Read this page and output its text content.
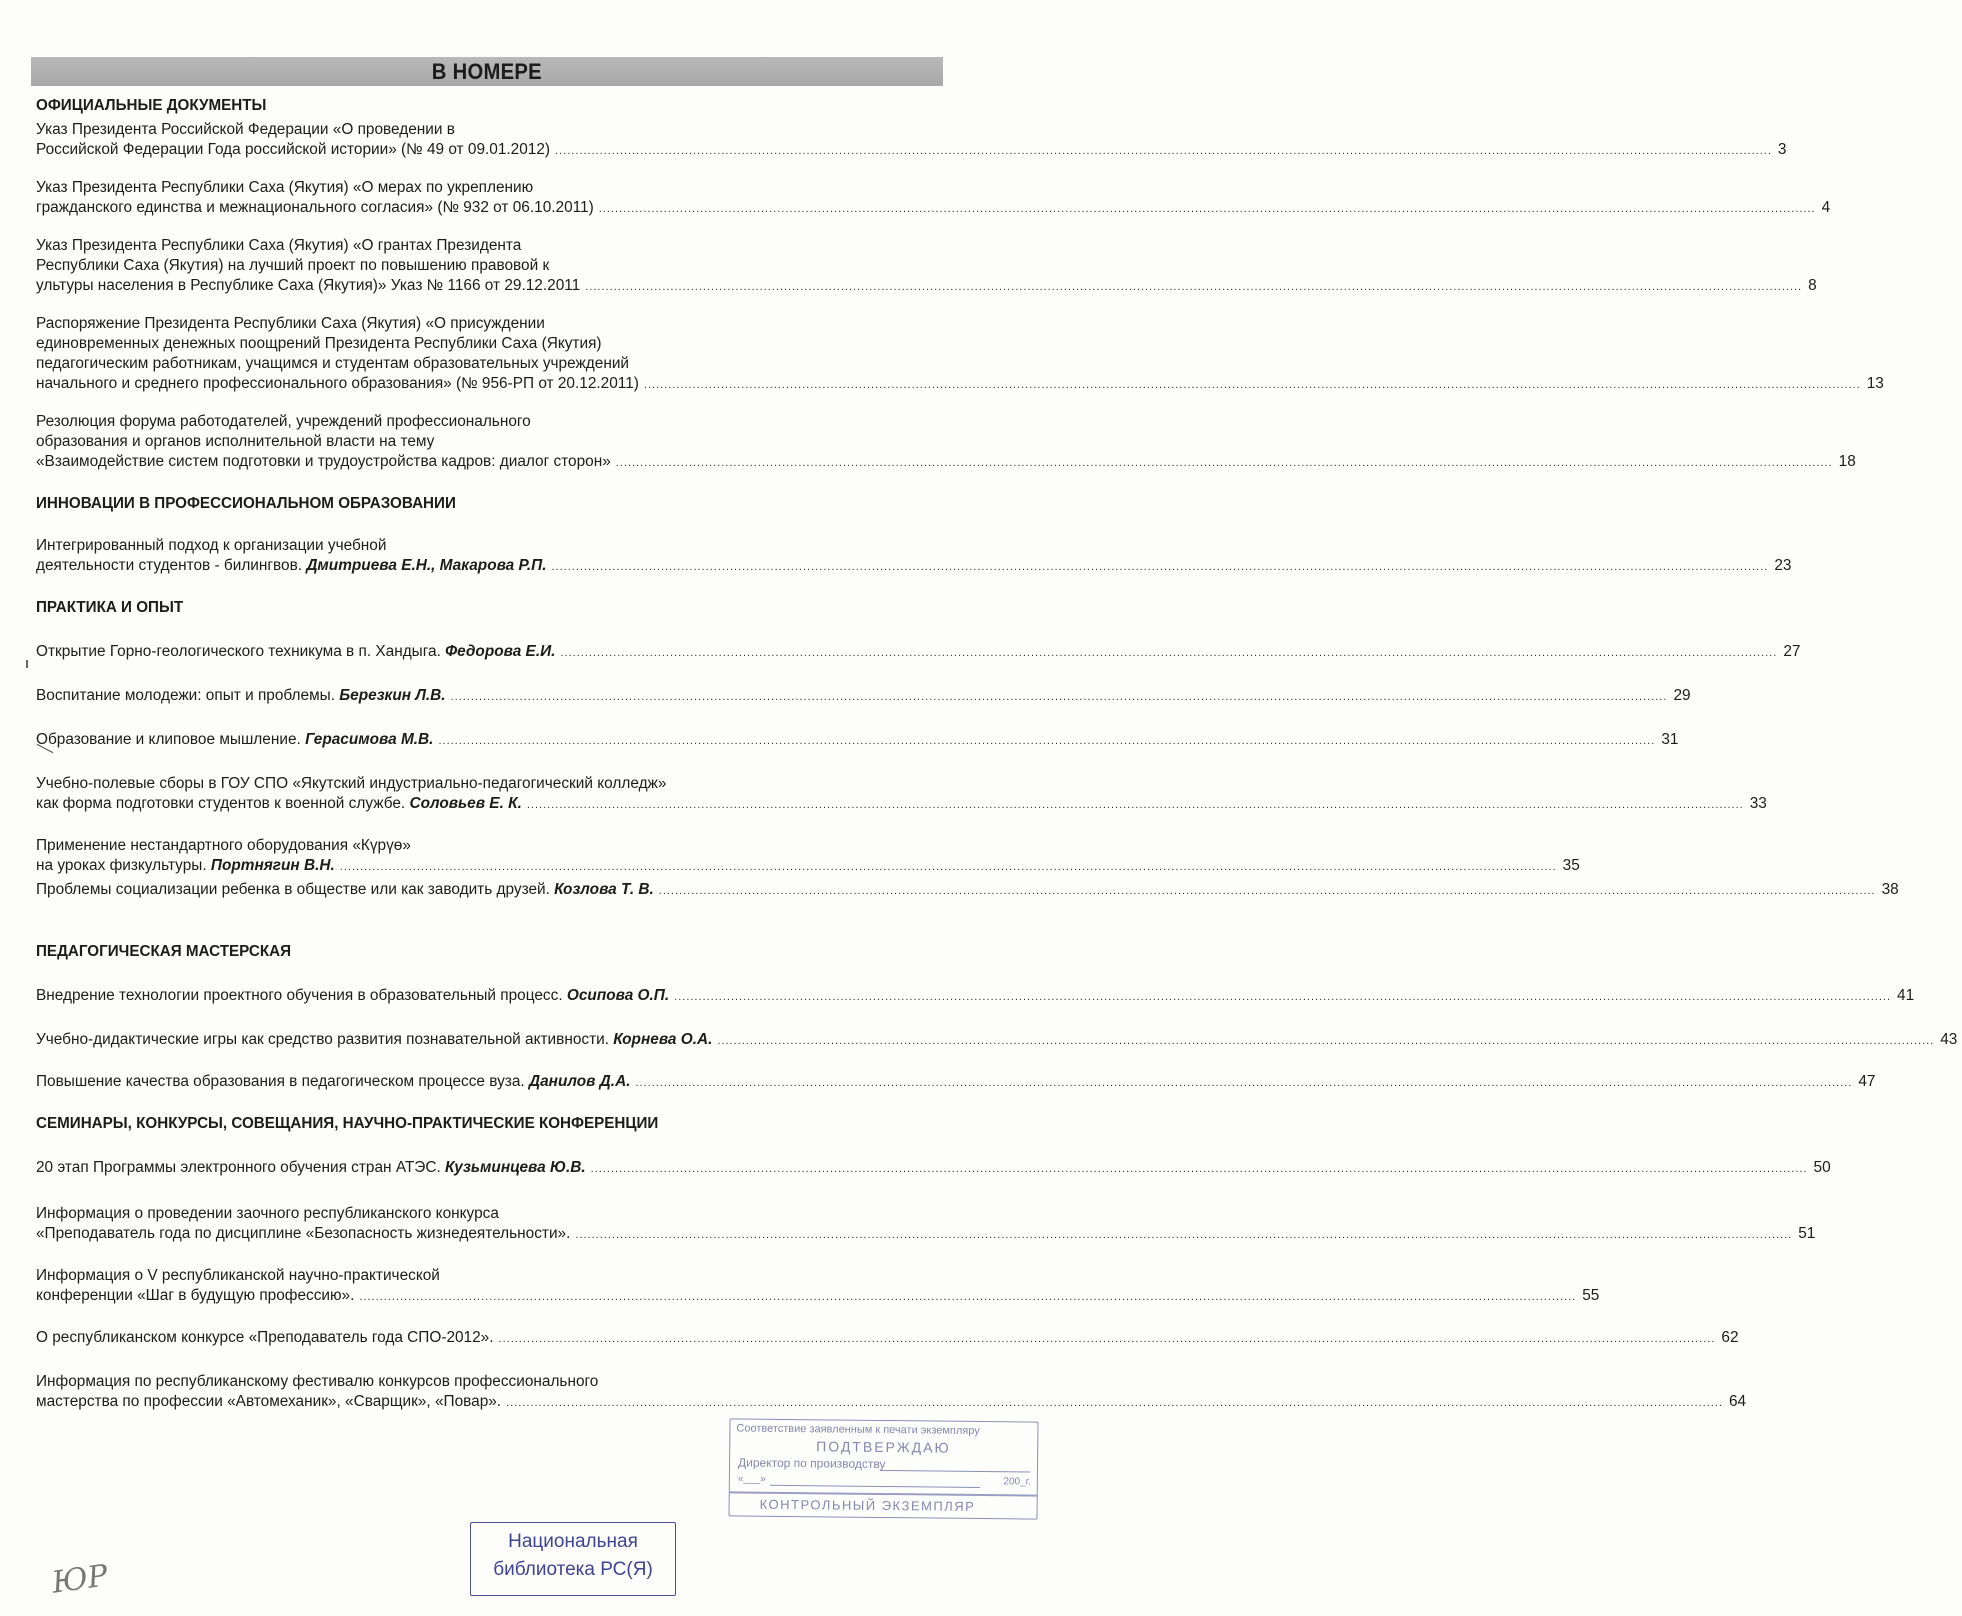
В НОМЕРЕ
ОФИЦИАЛЬНЫЕ ДОКУМЕНТЫ
Указ Президента Российской Федерации «О проведении в
Российской Федерации Года российской истории» (№ 49 от 09.01.2012) ............................................................................................................................................................................................................................................................................................................ 3
Указ Президента Республики Саха (Якутия) «О мерах по укреплению
гражданского единства и межнационального согласия» (№ 932 от 06.10.2011) ............................................................................................................................................................................................................................................................................................................ 4
Указ Президента Республики Саха (Якутия) «О грантах Президента
Республики Саха (Якутия) на лучший проект по повышению правовой к
ультуры населения в Республике Саха (Якутия)» Указ № 1166 от 29.12.2011 ............................................................................................................................................................................................................................................................................................................ 8
Распоряжение Президента Республики Саха (Якутия) «О присуждении
единовременных денежных поощрений Президента Республики Саха (Якутия)
педагогическим работникам, учащимся и студентам образовательных учреждений
начального и среднего профессионального образования» (№ 956-РП от 20.12.2011) ............................................................................................................................................................................................................................................................................................................ 13
Резолюция форума работодателей, учреждений профессионального
образования и органов исполнительной власти на тему
«Взаимодействие систем подготовки и трудоустройства кадров: диалог сторон» ............................................................................................................................................................................................................................................................................................................ 18
ИННОВАЦИИ В ПРОФЕССИОНАЛЬНОМ ОБРАЗОВАНИИ
Интегрированный подход к организации учебной
деятельности студентов - билингвов. Дмитриева Е.Н., Макарова Р.П. ............................................................................................................................................................................................................................................................................................................ 23
ПРАКТИКА И ОПЫТ
Открытие Горно-геологического техникума в п. Хандыга. Федорова Е.И. ............................................................................................................................................................................................................................................................................................................ 27
Воспитание молодежи: опыт и проблемы. Березкин Л.В. ............................................................................................................................................................................................................................................................................................................ 29
Образование и клиповое мышление. Герасимова М.В. ............................................................................................................................................................................................................................................................................................................ 31
Учебно-полевые сборы в ГОУ СПО «Якутский индустриально-педагогический колледж»
как форма подготовки студентов к военной службе. Соловьев Е. К. ............................................................................................................................................................................................................................................................................................................ 33
Применение нестандартного оборудования «Күрүө»
на уроках физкультуры. Портнягин В.Н. ............................................................................................................................................................................................................................................................................................................ 35
Проблемы социализации ребенка в обществе или как заводить друзей. Козлова Т. В. ............................................................................................................................................................................................................................................................................................................ 38
ПЕДАГОГИЧЕСКАЯ МАСТЕРСКАЯ
Внедрение технологии проектного обучения в образовательный процесс. Осипова О.П. ............................................................................................................................................................................................................................................................................................................ 41
Учебно-дидактические игры как средство развития познавательной активности. Корнева О.А. ............................................................................................................................................................................................................................................................................................................ 43
Повышение качества образования в педагогическом процессе вуза. Данилов Д.А. ............................................................................................................................................................................................................................................................................................................ 47
СЕМИНАРЫ, КОНКУРСЫ, СОВЕЩАНИЯ, НАУЧНО-ПРАКТИЧЕСКИЕ КОНФЕРЕНЦИИ
20 этап Программы электронного обучения стран АТЭС. Кузьминцева Ю.В. ............................................................................................................................................................................................................................................................................................................ 50
Информация о проведении заочного республиканского конкурса
«Преподаватель года по дисциплине «Безопасность жизнедеятельности». ............................................................................................................................................................................................................................................................................................................ 51
Информация о V республиканской научно-практической
конференции «Шаг в будущую профессию». ............................................................................................................................................................................................................................................................................................................ 55
О республиканском конкурсе «Преподаватель года СПО-2012». ............................................................................................................................................................................................................................................................................................................ 62
Информация по республиканскому фестивалю конкурсов профессионального
мастерства по профессии «Автомеханик», «Сварщик», «Повар». ............................................................................................................................................................................................................................................................................................................ 64
Соответствие заявленным к печати экземпляру
ПОДТВЕРЖДАЮ
Директор по производству
«___»	200_г.
КОНТРОЛЬНЫЙ ЭКЗЕМПЛЯР
Национальная
библиотека РС(Я)
ЮР
